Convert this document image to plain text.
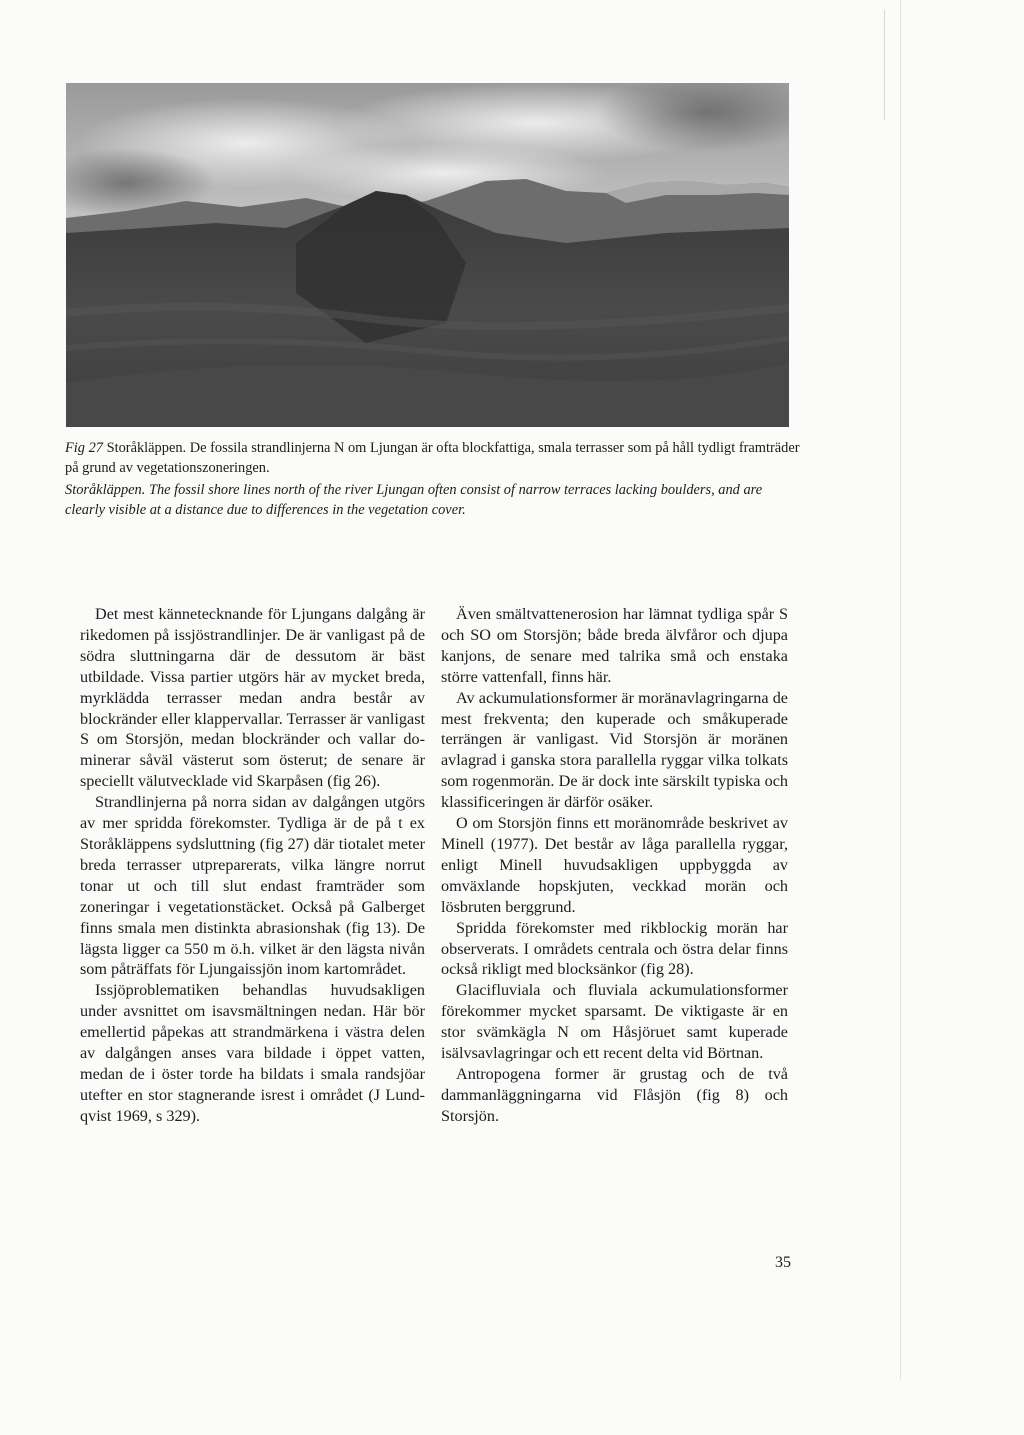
Fig 27 Storåkläppen. De fossila strandlinjerna N om Ljungan är ofta blockfattiga, smala terrasser som på håll tydligt framträder på grund av vegetationszoneringen.

Storåkläppen. The fossil shore lines north of the river Ljungan often consist of narrow terraces lacking boulders, and are clearly visible at a distance due to differences in the vegetation cover.

Det mest kännetecknande för Ljungans dalgång är rikedomen på issjöstrandlinjer. De är vanligast på de södra sluttningarna där de dessutom är bäst utbildade. Vissa partier utgörs här av mycket breda, myrklädda terrasser medan andra består av blockränder eller klappervallar. Terrasser är vanligast S om Storsjön, medan blockränder och vallar dominerar såväl västerut som österut; de senare är speciellt välutvecklade vid Skarpåsen (fig 26).

Strandlinjerna på norra sidan av dalgången utgörs av mer spridda förekomster. Tydliga är de på t ex Storåkläppens sydsluttning (fig 27) där tiotalet meter breda terrasser utpreparerats, vilka längre norrut tonar ut och till slut endast framträder som zoneringar i vegetationstäcket. Också på Galberget finns smala men distinkta abrasionshak (fig 13). De lägsta ligger ca 550 m ö.h. vilket är den lägsta nivån som påträffats för Ljungaissjön inom kartområdet.

Issjöproblematiken behandlas huvudsakligen under avsnittet om isavsmältningen nedan. Här bör emellertid påpekas att strandmärkena i västra delen av dalgången anses vara bildade i öppet vatten, medan de i öster torde ha bildats i smala randsjöar utefter en stor stagnerande isrest i området (J Lundqvist 1969, s 329).

Även smältvattenerosion har lämnat tydliga spår S och SO om Storsjön; både breda älvfåror och djupa kanjons, de senare med talrika små och enstaka större vattenfall, finns här.

Av ackumulationsformer är moränavlagringarna de mest frekventa; den kuperade och småkuperade terrängen är vanligast. Vid Storsjön är moränen avlagrad i ganska stora parallella ryggar vilka tolkats som rogenmorän. De är dock inte särskilt typiska och klassificeringen är därför osäker.

O om Storsjön finns ett moränområde beskrivet av Minell (1977). Det består av låga parallella ryggar, enligt Minell huvudsakligen uppbyggda av omväxlande hopskjuten, veckkad morän och lösbruten berggrund.

Spridda förekomster med rikblockig morän har observerats. I områdets centrala och östra delar finns också rikligt med blocksänkor (fig 28).

Glacifluviala och fluviala ackumulationsformer förekommer mycket sparsamt. De viktigaste är en stor svämkägla N om Håsjöruet samt kuperade isälvsavlagringar och ett recent delta vid Börtnan.

Antropogena former är grustag och de två dammanläggningarna vid Flåsjön (fig 8) och Storsjön.

35
